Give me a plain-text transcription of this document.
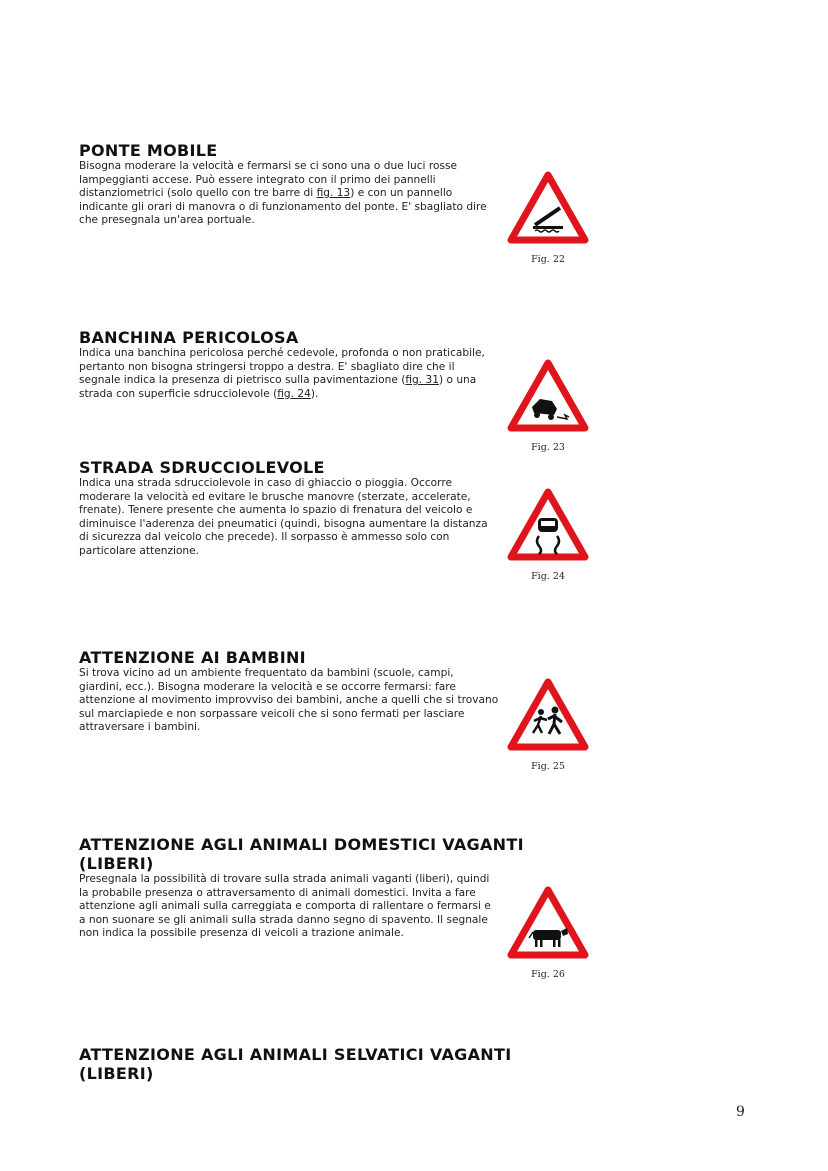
PONTE MOBILE

Bisogna moderare la velocità e fermarsi se ci sono una o due luci rosse lampeggianti accese. Può essere integrato con il primo dei pannelli distanziometrici (solo quello con tre barre di fig. 13) e con un pannello indicante gli orari di manovra o di funzionamento del ponte. E' sbagliato dire che presegnala un'area portuale.

Fig. 22
BANCHINA PERICOLOSA

Indica una banchina pericolosa perché cedevole, profonda o non praticabile, pertanto non bisogna stringersi troppo a destra. E' sbagliato dire che il segnale indica la presenza di pietrisco sulla pavimentazione (fig. 31) o una strada con superficie sdrucciolevole (fig. 24).

Fig. 23
STRADA SDRUCCIOLEVOLE

Indica una strada sdrucciolevole in caso di ghiaccio o pioggia. Occorre moderare la velocità ed evitare le brusche manovre (sterzate, accelerate, frenate). Tenere presente che aumenta lo spazio di frenatura del veicolo e diminuisce l'aderenza dei pneumatici (quindi, bisogna aumentare la distanza di sicurezza dal veicolo che precede). Il sorpasso è ammesso solo con particolare attenzione.

Fig. 24
ATTENZIONE AI BAMBINI

Si trova vicino ad un ambiente frequentato da bambini (scuole, campi, giardini, ecc.). Bisogna moderare la velocità e se occorre fermarsi: fare attenzione al movimento improvviso dei bambini, anche a quelli che si trovano sul marciapiede e non sorpassare veicoli che si sono fermati per lasciare attraversare i bambini.

Fig. 25
ATTENZIONE AGLI ANIMALI DOMESTICI VAGANTI (LIBERI)

Presegnala la possibilità di trovare sulla strada animali vaganti (liberi), quindi la probabile presenza o attraversamento di animali domestici. Invita a fare attenzione agli animali sulla carreggiata e comporta di rallentare o fermarsi e a non suonare se gli animali sulla strada danno segno di spavento. Il segnale non indica la possibile presenza di veicoli a trazione animale.

Fig. 26
ATTENZIONE AGLI ANIMALI SELVATICI VAGANTI (LIBERI)
9
